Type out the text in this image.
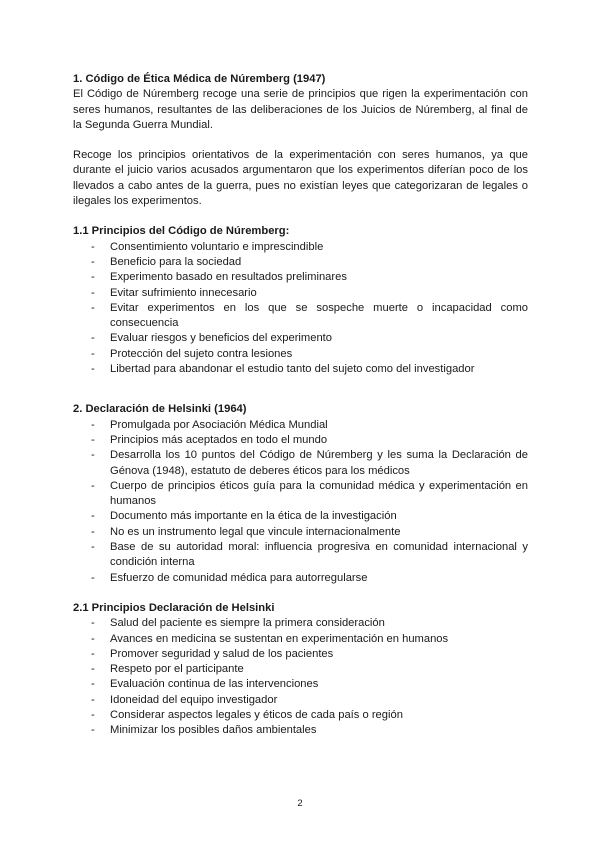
1. Código de Ética Médica de Núremberg (1947)
El Código de Núremberg recoge una serie de principios que rigen la experimentación con seres humanos, resultantes de las deliberaciones de los Juicios de Núremberg, al final de la Segunda Guerra Mundial.
Recoge los principios orientativos de la experimentación con seres humanos, ya que durante el juicio varios acusados argumentaron que los experimentos diferían poco de los llevados a cabo antes de la guerra, pues no existían leyes que categorizaran de legales o ilegales los experimentos.
1.1 Principios del Código de Núremberg:
- Consentimiento voluntario e imprescindible
- Beneficio para la sociedad
- Experimento basado en resultados preliminares
- Evitar sufrimiento innecesario
- Evitar experimentos en los que se sospeche muerte o incapacidad como consecuencia
- Evaluar riesgos y beneficios del experimento
- Protección del sujeto contra lesiones
- Libertad para abandonar el estudio tanto del sujeto como del investigador
2. Declaración de Helsinki (1964)
- Promulgada por Asociación Médica Mundial
- Principios más aceptados en todo el mundo
- Desarrolla los 10 puntos del Código de Núremberg y les suma la Declaración de Génova (1948), estatuto de deberes éticos para los médicos
- Cuerpo de principios éticos guía para la comunidad médica y experimentación en humanos
- Documento más importante en la ética de la investigación
- No es un instrumento legal que vincule internacionalmente
- Base de su autoridad moral: influencia progresiva en comunidad internacional y condición interna
- Esfuerzo de comunidad médica para autorregularse
2.1 Principios Declaración de Helsinki
- Salud del paciente es siempre la primera consideración
- Avances en medicina se sustentan en experimentación en humanos
- Promover seguridad y salud de los pacientes
- Respeto por el participante
- Evaluación continua de las intervenciones
- Idoneidad del equipo investigador
- Considerar aspectos legales y éticos de cada país o región
- Minimizar los posibles daños ambientales
2
